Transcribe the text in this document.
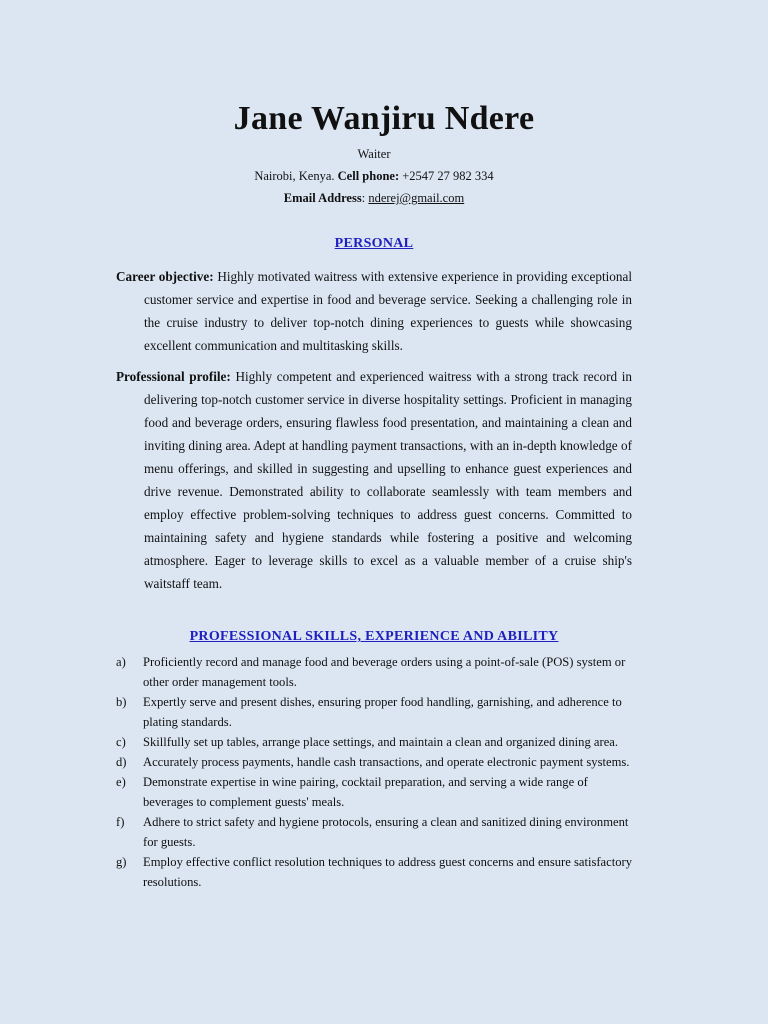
Jane Wanjiru Ndere
Waiter
Nairobi, Kenya. Cell phone: +2547 27 982 334
Email Address: nderej@gmail.com
PERSONAL
Career objective: Highly motivated waitress with extensive experience in providing exceptional customer service and expertise in food and beverage service. Seeking a challenging role in the cruise industry to deliver top-notch dining experiences to guests while showcasing excellent communication and multitasking skills.
Professional profile: Highly competent and experienced waitress with a strong track record in delivering top-notch customer service in diverse hospitality settings. Proficient in managing food and beverage orders, ensuring flawless food presentation, and maintaining a clean and inviting dining area. Adept at handling payment transactions, with an in-depth knowledge of menu offerings, and skilled in suggesting and upselling to enhance guest experiences and drive revenue. Demonstrated ability to collaborate seamlessly with team members and employ effective problem-solving techniques to address guest concerns. Committed to maintaining safety and hygiene standards while fostering a positive and welcoming atmosphere. Eager to leverage skills to excel as a valuable member of a cruise ship's waitstaff team.
PROFESSIONAL SKILLS, EXPERIENCE AND ABILITY
a) Proficiently record and manage food and beverage orders using a point-of-sale (POS) system or other order management tools.
b) Expertly serve and present dishes, ensuring proper food handling, garnishing, and adherence to plating standards.
c) Skillfully set up tables, arrange place settings, and maintain a clean and organized dining area.
d) Accurately process payments, handle cash transactions, and operate electronic payment systems.
e) Demonstrate expertise in wine pairing, cocktail preparation, and serving a wide range of beverages to complement guests' meals.
f) Adhere to strict safety and hygiene protocols, ensuring a clean and sanitized dining environment for guests.
g) Employ effective conflict resolution techniques to address guest concerns and ensure satisfactory resolutions.
